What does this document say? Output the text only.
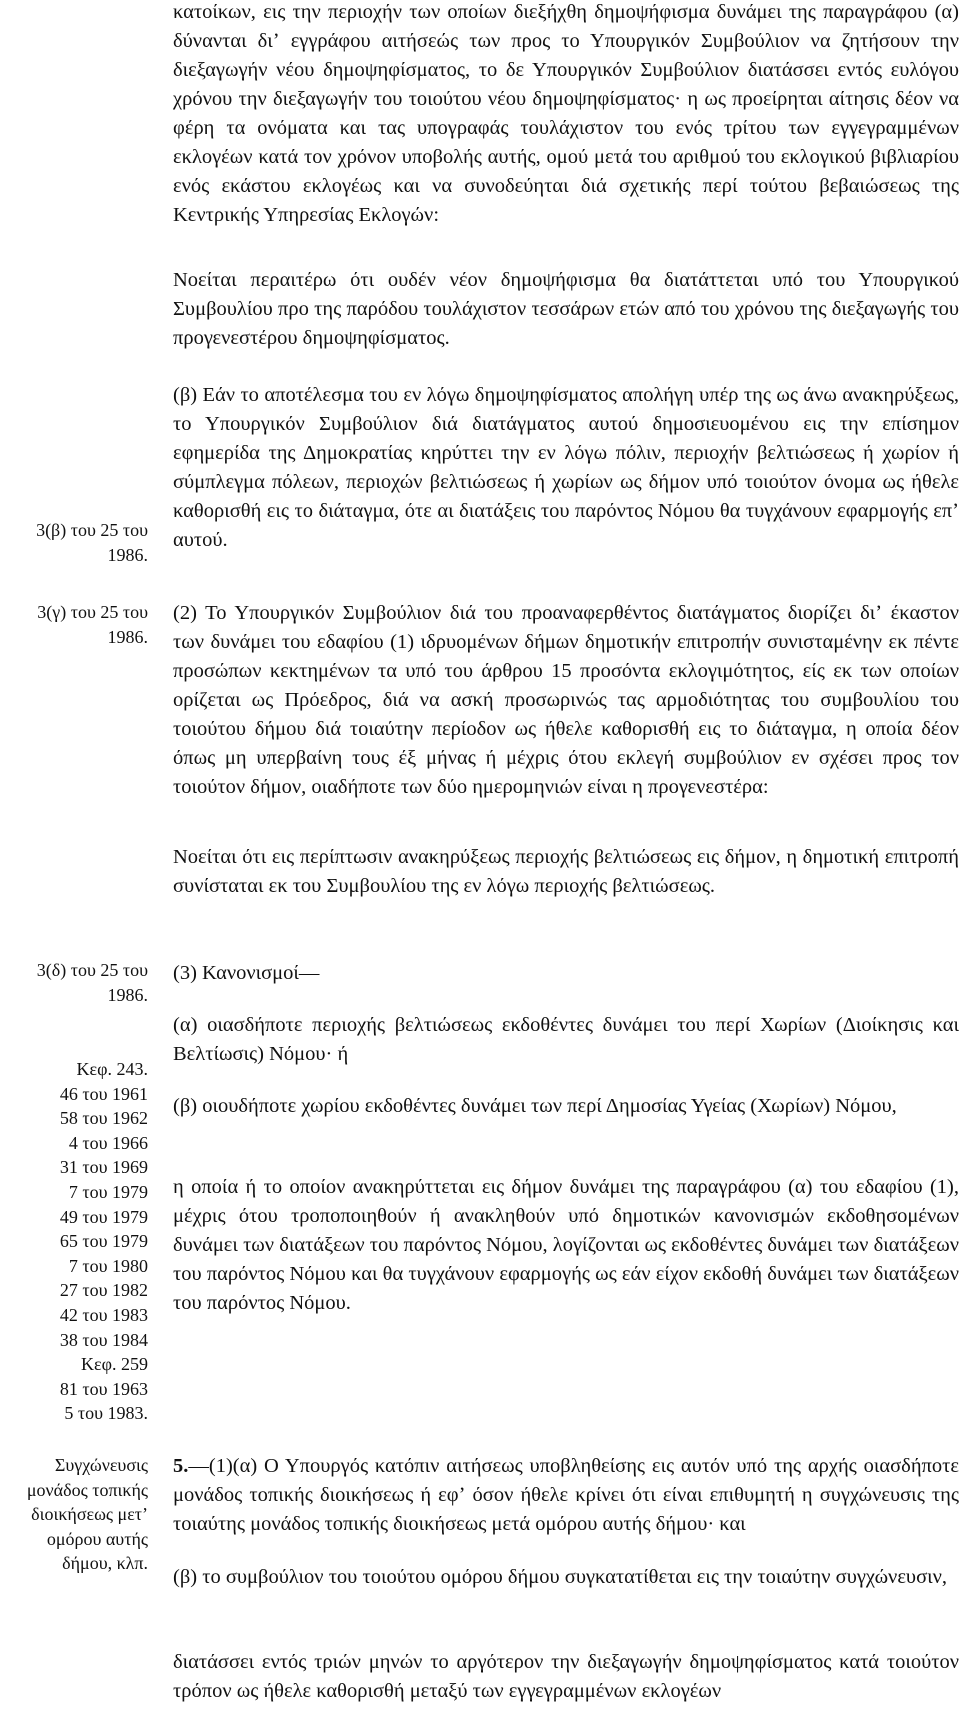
κατοίκων, εις την περιοχήν των οποίων διεξήχθη δημοψήφισμα δυνάμει της παραγράφου (α) δύνανται διʼ εγγράφου αιτήσεώς των προς το Υπουργικόν Συμβούλιον να ζητήσουν την διεξαγωγήν νέου δημοψηφίσματος, το δε Υπουργικόν Συμβούλιον διατάσσει εντός ευλόγου χρόνου την διεξαγωγήν του τοιούτου νέου δημοψηφίσματος· η ως προείρηται αίτησις δέον να φέρη τα ονόματα και τας υπογραφάς τουλάχιστον του ενός τρίτου των εγγεγραμμένων εκλογέων κατά τον χρόνον υποβολής αυτής, ομού μετά του αριθμού του εκλογικού βιβλιαρίου ενός εκάστου εκλογέως και να συνοδεύηται διά σχετικής περί τούτου βεβαιώσεως της Κεντρικής Υπηρεσίας Εκλογών:

Νοείται περαιτέρω ότι ουδέν νέον δημοψήφισμα θα διατάττεται υπό του Υπουργικού Συμβουλίου προ της παρόδου τουλάχιστον τεσσάρων ετών από του χρόνου της διεξαγωγής του προγενεστέρου δημοψηφίσματος.

(β) Εάν το αποτέλεσμα του εν λόγω δημοψηφίσματος απολήγη υπέρ της ως άνω ανακηρύξεως, το Υπουργικόν Συμβούλιον διά διατάγματος αυτού δημοσιευομένου εις την επίσημον εφημερίδα της Δημοκρατίας κηρύττει την εν λόγω πόλιν, περιοχήν βελτιώσεως ή χωρίον ή σύμπλεγμα πόλεων, περιοχών βελτιώσεως ή χωρίων ως δήμον υπό τοιούτον όνομα ως ήθελε καθορισθή εις το διάταγμα, ότε αι διατάξεις του παρόντος Νόμου θα τυγχάνουν εφαρμογής επʼ αυτού.

(2) Το Υπουργικόν Συμβούλιον διά του προαναφερθέντος διατάγματος διορίζει διʼ έκαστον των δυνάμει του εδαφίου (1) ιδρυομένων δήμων δημοτικήν επιτροπήν συνισταμένην εκ πέντε προσώπων κεκτημένων τα υπό του άρθρου 15 προσόντα εκλογιμότητος, είς εκ των οποίων ορίζεται ως Πρόεδρος, διά να ασκή προσωρινώς τας αρμοδιότητας του συμβουλίου του τοιούτου δήμου διά τοιαύτην περίοδον ως ήθελε καθορισθή εις το διάταγμα, η οποία δέον όπως μη υπερβαίνη τους έξ μήνας ή μέχρις ότου εκλεγή συμβούλιον εν σχέσει προς τον τοιούτον δήμον, οιαδήποτε των δύο ημερομηνιών είναι η προγενεστέρα:

Νοείται ότι εις περίπτωσιν ανακηρύξεως περιοχής βελτιώσεως εις δήμον, η δημοτική επιτροπή συνίσταται εκ του Συμβουλίου της εν λόγω περιοχής βελτιώσεως.

(3) Κανονισμοί—

(α) οιασδήποτε περιοχής βελτιώσεως εκδοθέντες δυνάμει του περί Χωρίων (Διοίκησις και Βελτίωσις) Νόμου· ή

(β) οιουδήποτε χωρίου εκδοθέντες δυνάμει των περί Δημοσίας Υγείας (Χωρίων) Νόμου,

η οποία ή το οποίον ανακηρύττεται εις δήμον δυνάμει της παραγράφου (α) του εδαφίου (1), μέχρις ότου τροποποιηθούν ή ανακληθούν υπό δημοτικών κανονισμών εκδοθησομένων δυνάμει των διατάξεων του παρόντος Νόμου, λογίζονται ως εκδοθέντες δυνάμει των διατάξεων του παρόντος Νόμου και θα τυγχάνουν εφαρμογής ως εάν είχον εκδοθή δυνάμει των διατάξεων του παρόντος Νόμου.

5.—(1)(α) Ο Υπουργός κατόπιν αιτήσεως υποβληθείσης εις αυτόν υπό της αρχής οιασδήποτε μονάδος τοπικής διοικήσεως ή εφʼ όσον ήθελε κρίνει ότι είναι επιθυμητή η συγχώνευσις της τοιαύτης μονάδος τοπικής διοικήσεως μετά ομόρου αυτής δήμου· και

(β) το συμβούλιον του τοιούτου ομόρου δήμου συγκατατίθεται εις την τοιαύτην συγχώνευσιν,

διατάσσει εντός τριών μηνών το αργότερον την διεξαγωγήν δημοψηφίσματος κατά τοιούτον τρόπον ως ήθελε καθορισθή μεταξύ των εγγεγραμμένων εκλογέων

3(β) του 25 του
1986.
3(γ) του 25 του
1986.
3(δ) του 25 του
1986.
Κεφ. 243.
46 του 1961
58 του 1962
4 του 1966
31 του 1969
7 του 1979
49 του 1979
65 του 1979
7 του 1980
27 του 1982
42 του 1983
38 του 1984
Κεφ. 259
81 του 1963
5 του 1983.
Συγχώνευσις
μονάδος τοπικής
διοικήσεως μετʼ
ομόρου αυτής
δήμου, κλπ.
